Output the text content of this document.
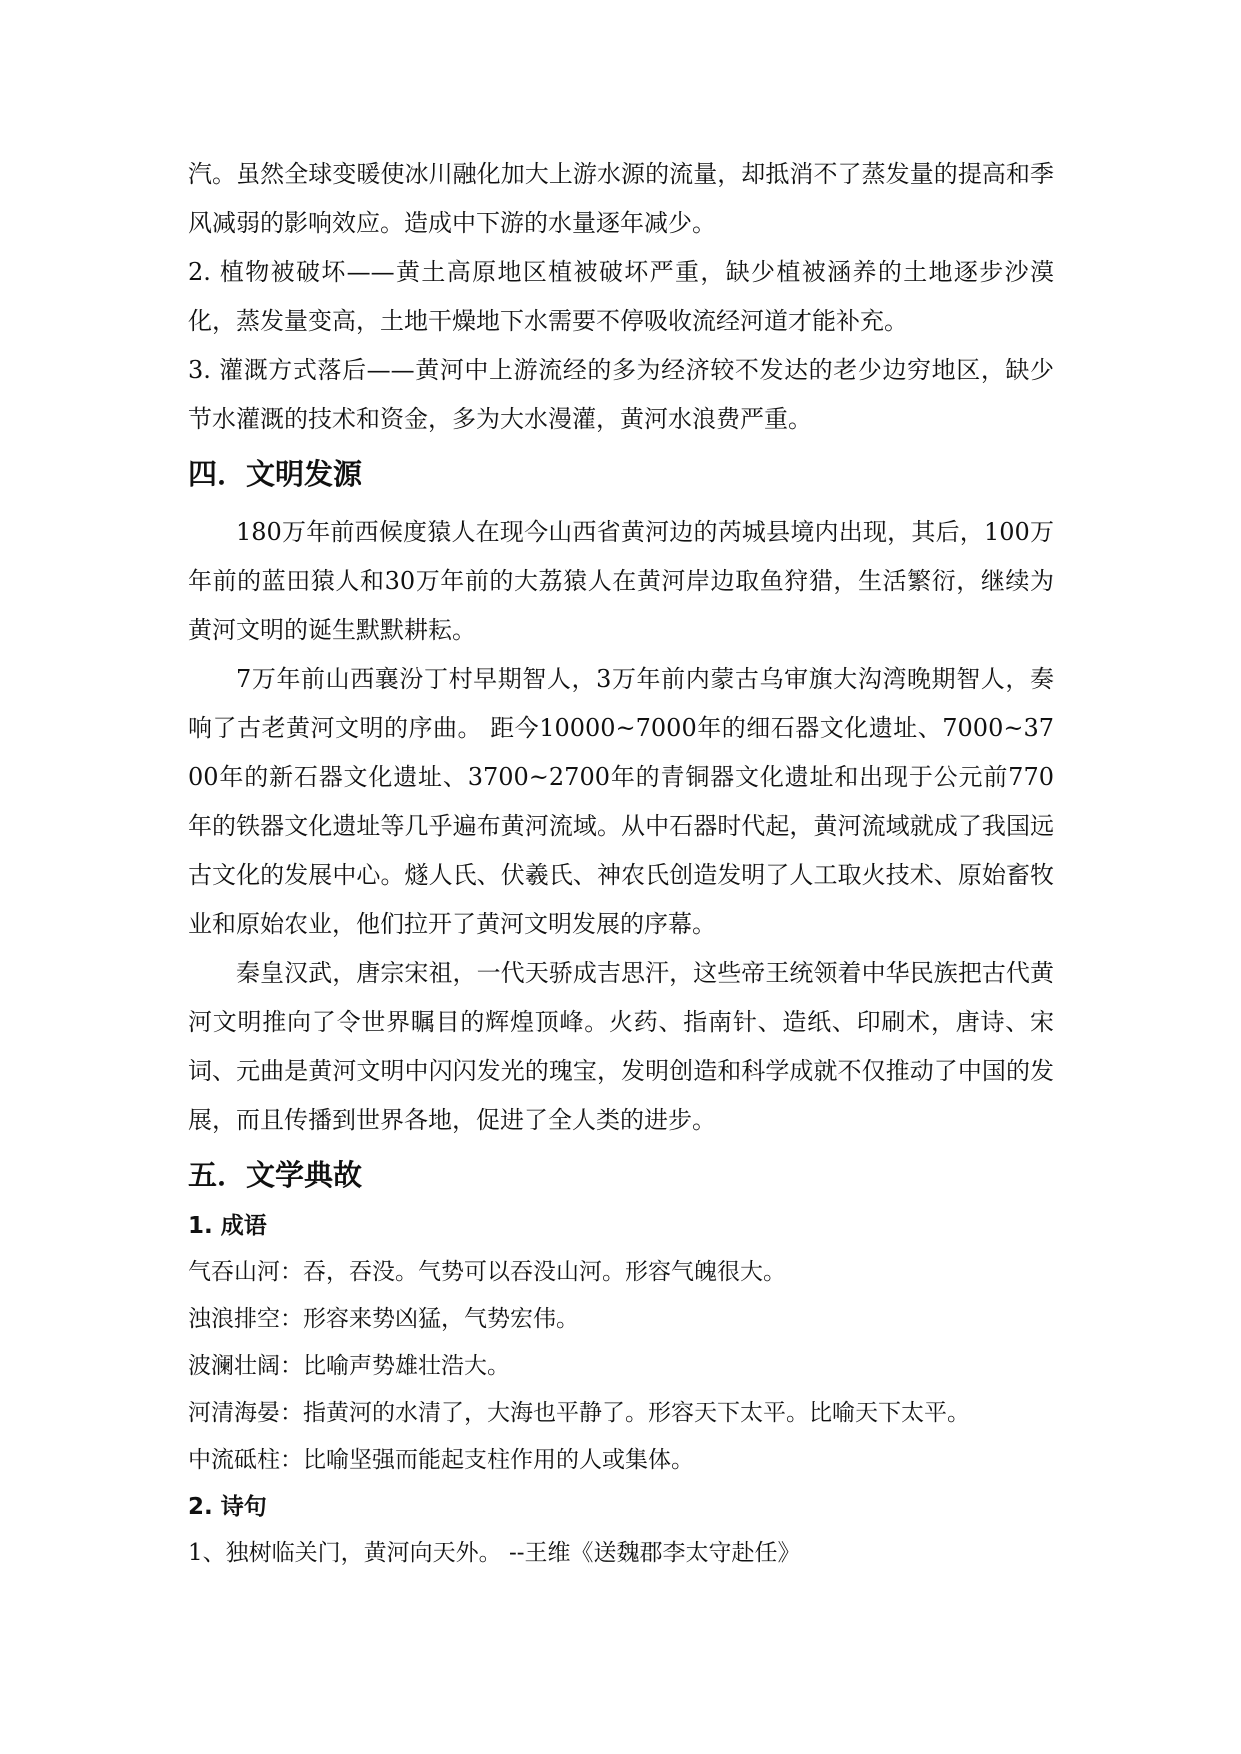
汽。虽然全球变暖使冰川融化加大上游水源的流量，却抵消不了蒸发量的提高和季风减弱的影响效应。造成中下游的水量逐年减少。

2. 植物被破坏——黄土高原地区植被破坏严重，缺少植被涵养的土地逐步沙漠化，蒸发量变高，土地干燥地下水需要不停吸收流经河道才能补充。

3. 灌溉方式落后——黄河中上游流经的多为经济较不发达的老少边穷地区，缺少节水灌溉的技术和资金，多为大水漫灌，黄河水浪费严重。

四．文明发源

180万年前西候度猿人在现今山西省黄河边的芮城县境内出现，其后，100万年前的蓝田猿人和30万年前的大荔猿人在黄河岸边取鱼狩猎，生活繁衍，继续为黄河文明的诞生默默耕耘。

7万年前山西襄汾丁村早期智人，3万年前内蒙古乌审旗大沟湾晚期智人，奏响了古老黄河文明的序曲。 距今10000~7000年的细石器文化遗址、7000~3700年的新石器文化遗址、3700~2700年的青铜器文化遗址和出现于公元前770年的铁器文化遗址等几乎遍布黄河流域。从中石器时代起，黄河流域就成了我国远古文化的发展中心。燧人氏、伏羲氏、神农氏创造发明了人工取火技术、原始畜牧业和原始农业，他们拉开了黄河文明发展的序幕。

秦皇汉武，唐宗宋祖，一代天骄成吉思汗，这些帝王统领着中华民族把古代黄河文明推向了令世界瞩目的辉煌顶峰。火药、指南针、造纸、印刷术，唐诗、宋词、元曲是黄河文明中闪闪发光的瑰宝，发明创造和科学成就不仅推动了中国的发展，而且传播到世界各地，促进了全人类的进步。

五．文学典故
1. 成语

气吞山河：吞，吞没。气势可以吞没山河。形容气魄很大。

浊浪排空：形容来势凶猛，气势宏伟。

波澜壮阔：比喻声势雄壮浩大。

河清海晏：指黄河的水清了，大海也平静了。形容天下太平。比喻天下太平。

中流砥柱：比喻坚强而能起支柱作用的人或集体。

2. 诗句

1、独树临关门，黄河向天外。 --王维《送魏郡李太守赴任》
